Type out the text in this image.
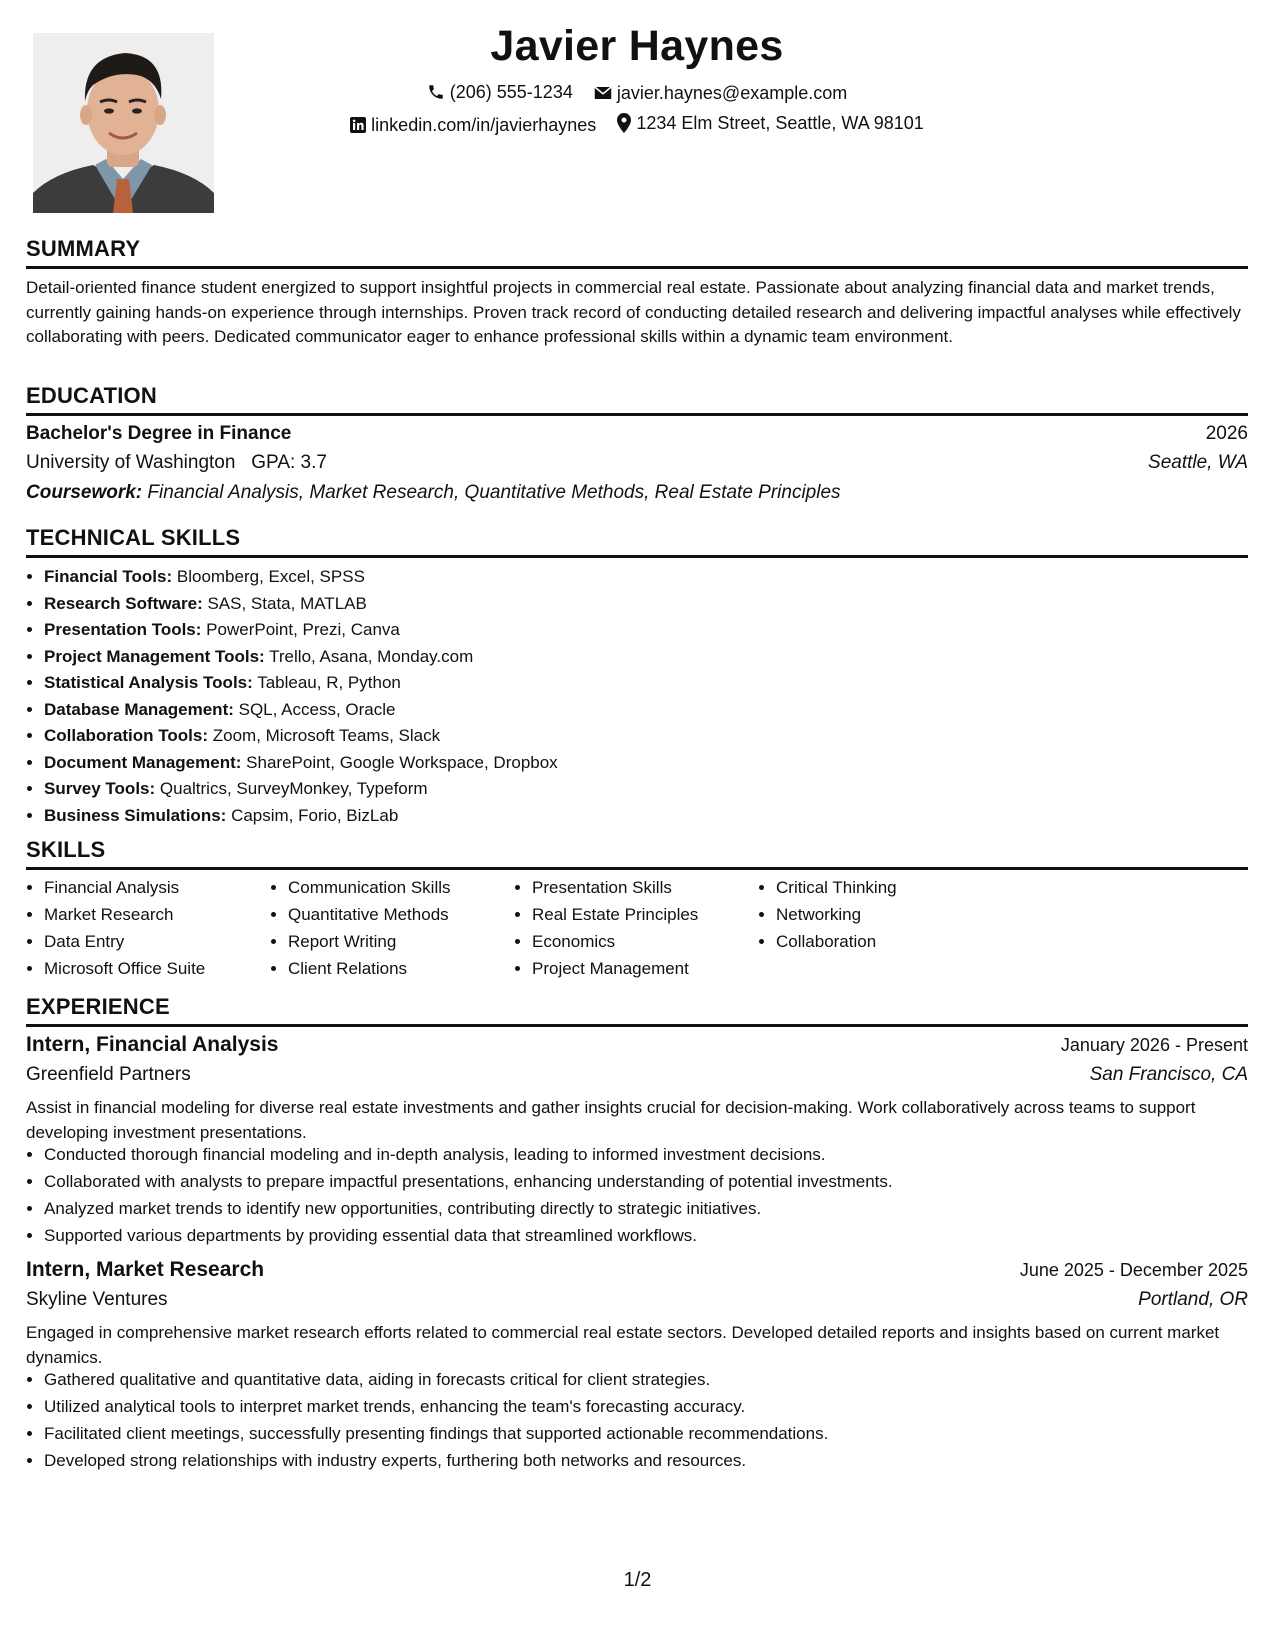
Javier Haynes
(206) 555-1234
javier.haynes@example.com
linkedin.com/in/javierhaynes
1234 Elm Street, Seattle, WA 98101
SUMMARY
Detail-oriented finance student energized to support insightful projects in commercial real estate. Passionate about analyzing financial data and market trends, currently gaining hands-on experience through internships. Proven track record of conducting detailed research and delivering impactful analyses while effectively collaborating with peers. Dedicated communicator eager to enhance professional skills within a dynamic team environment.
EDUCATION
Bachelor's Degree in Finance	2026
University of Washington GPA: 3.7	Seattle, WA
Coursework: Financial Analysis, Market Research, Quantitative Methods, Real Estate Principles
TECHNICAL SKILLS
• Financial Tools: Bloomberg, Excel, SPSS
• Research Software: SAS, Stata, MATLAB
• Presentation Tools: PowerPoint, Prezi, Canva
• Project Management Tools: Trello, Asana, Monday.com
• Statistical Analysis Tools: Tableau, R, Python
• Database Management: SQL, Access, Oracle
• Collaboration Tools: Zoom, Microsoft Teams, Slack
• Document Management: SharePoint, Google Workspace, Dropbox
• Survey Tools: Qualtrics, SurveyMonkey, Typeform
• Business Simulations: Capsim, Forio, BizLab
SKILLS
• Financial Analysis
• Market Research
• Data Entry
• Microsoft Office Suite
• Communication Skills
• Quantitative Methods
• Report Writing
• Client Relations
• Presentation Skills
• Real Estate Principles
• Economics
• Project Management
• Critical Thinking
• Networking
• Collaboration
EXPERIENCE
Intern, Financial Analysis	January 2026 - Present
Greenfield Partners	San Francisco, CA
Assist in financial modeling for diverse real estate investments and gather insights crucial for decision-making. Work collaboratively across teams to support developing investment presentations.
• Conducted thorough financial modeling and in-depth analysis, leading to informed investment decisions.
• Collaborated with analysts to prepare impactful presentations, enhancing understanding of potential investments.
• Analyzed market trends to identify new opportunities, contributing directly to strategic initiatives.
• Supported various departments by providing essential data that streamlined workflows.
Intern, Market Research	June 2025 - December 2025
Skyline Ventures	Portland, OR
Engaged in comprehensive market research efforts related to commercial real estate sectors. Developed detailed reports and insights based on current market dynamics.
• Gathered qualitative and quantitative data, aiding in forecasts critical for client strategies.
• Utilized analytical tools to interpret market trends, enhancing the team's forecasting accuracy.
• Facilitated client meetings, successfully presenting findings that supported actionable recommendations.
• Developed strong relationships with industry experts, furthering both networks and resources.
1/2
